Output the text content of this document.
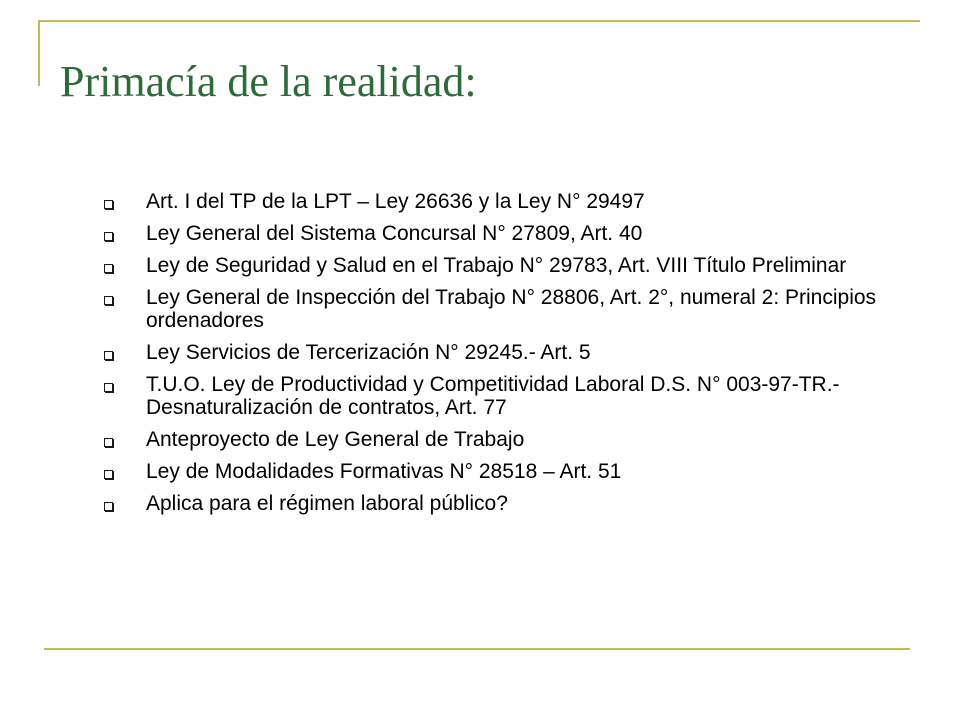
Primacía de la realidad:
Art. I del TP de la LPT – Ley 26636 y la Ley N° 29497
Ley General del Sistema Concursal N° 27809, Art. 40
Ley de Seguridad y Salud en el Trabajo N° 29783, Art. VIII Título Preliminar
Ley General de Inspección del Trabajo N° 28806, Art. 2°, numeral 2: Principios ordenadores
Ley Servicios de Tercerización N° 29245.- Art. 5
T.U.O. Ley de Productividad y Competitividad Laboral D.S. N° 003-97-TR.- Desnaturalización de contratos, Art. 77
Anteproyecto de Ley General de Trabajo
Ley de Modalidades Formativas N° 28518 – Art. 51
Aplica para el régimen laboral público?
